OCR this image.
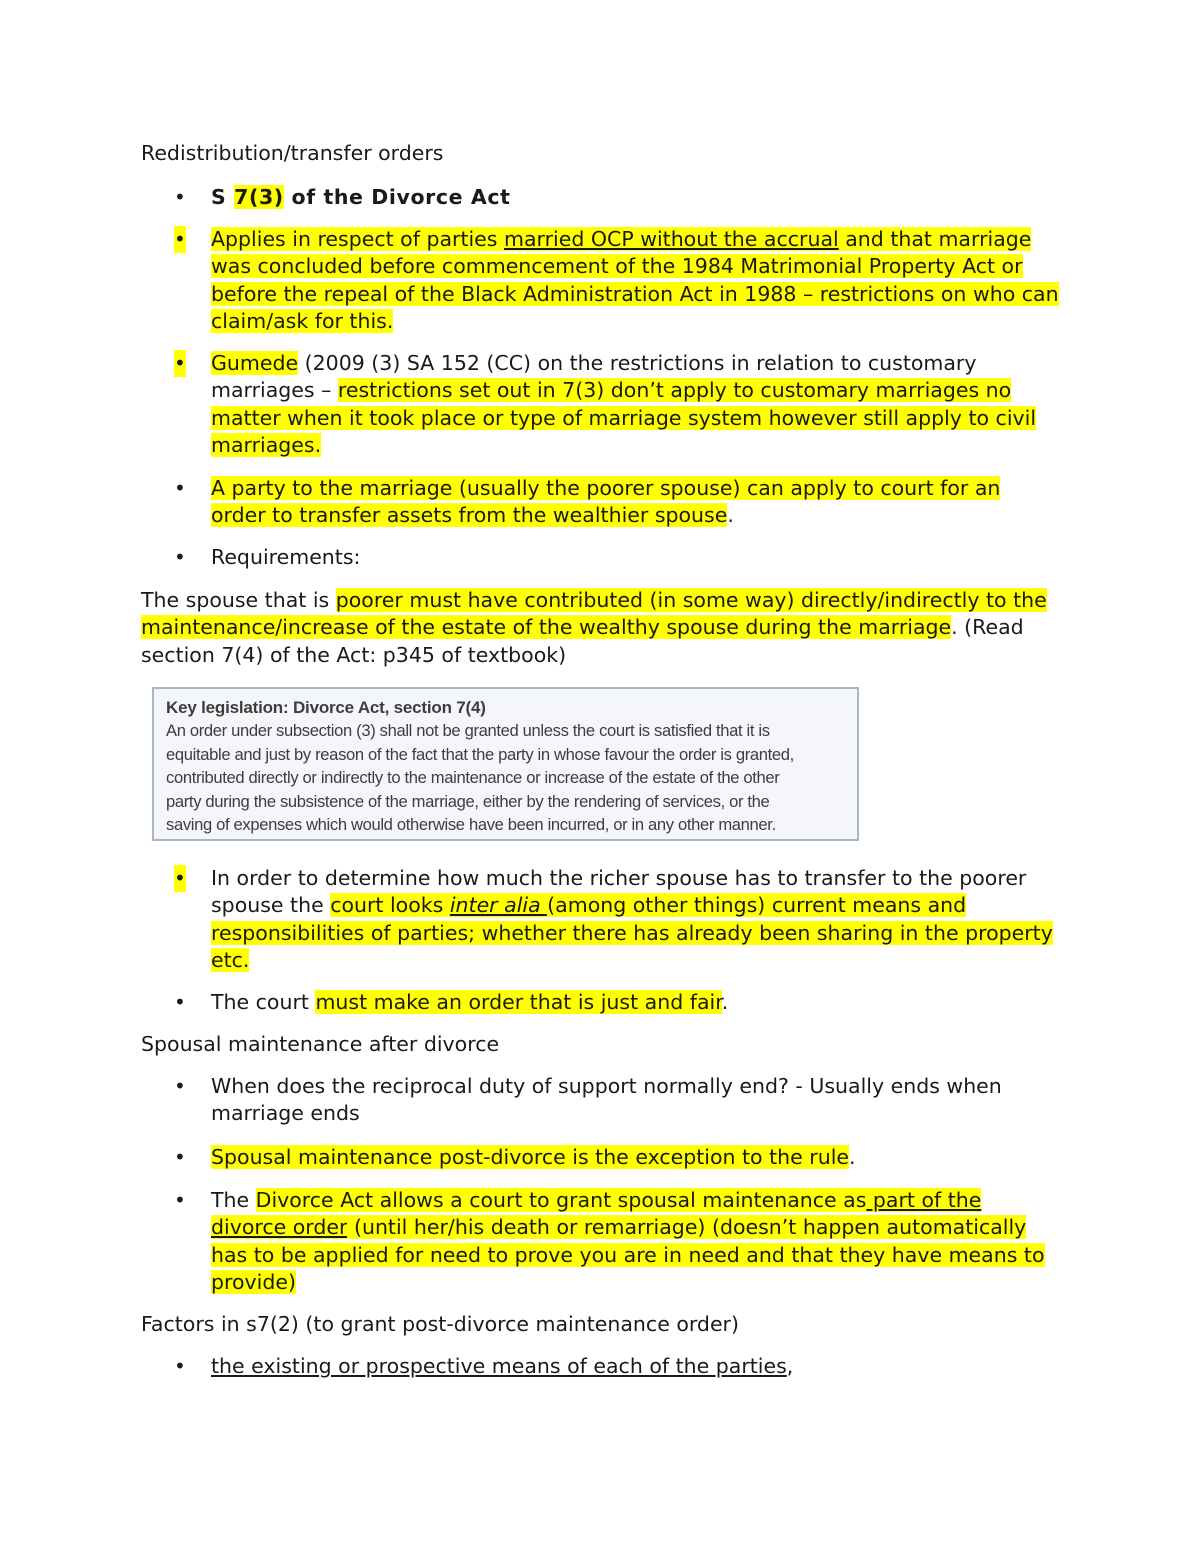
Redistribution/transfer orders
• S 7(3) of the Divorce Act
• Applies in respect of parties married OCP without the accrual and that marriage was concluded before commencement of the 1984 Matrimonial Property Act or before the repeal of the Black Administration Act in 1988 – restrictions on who can claim/ask for this.
• Gumede (2009 (3) SA 152 (CC) on the restrictions in relation to customary marriages – restrictions set out in 7(3) don’t apply to customary marriages no matter when it took place or type of marriage system however still apply to civil marriages.
• A party to the marriage (usually the poorer spouse) can apply to court for an order to transfer assets from the wealthier spouse.
• Requirements:
The spouse that is poorer must have contributed (in some way) directly/indirectly to the maintenance/increase of the estate of the wealthy spouse during the marriage. (Read section 7(4) of the Act: p345 of textbook)
Key legislation: Divorce Act, section 7(4)
An order under subsection (3) shall not be granted unless the court is satisfied that it is
equitable and just by reason of the fact that the party in whose favour the order is granted,
contributed directly or indirectly to the maintenance or increase of the estate of the other
party during the subsistence of the marriage, either by the rendering of services, or the
saving of expenses which would otherwise have been incurred, or in any other manner.
• In order to determine how much the richer spouse has to transfer to the poorer spouse the court looks inter alia (among other things) current means and responsibilities of parties; whether there has already been sharing in the property etc.
• The court must make an order that is just and fair.
Spousal maintenance after divorce
• When does the reciprocal duty of support normally end? - Usually ends when marriage ends
• Spousal maintenance post-divorce is the exception to the rule.
• The Divorce Act allows a court to grant spousal maintenance as part of the divorce order (until her/his death or remarriage) (doesn’t happen automatically has to be applied for need to prove you are in need and that they have means to provide)
Factors in s7(2) (to grant post-divorce maintenance order)
• the existing or prospective means of each of the parties,
